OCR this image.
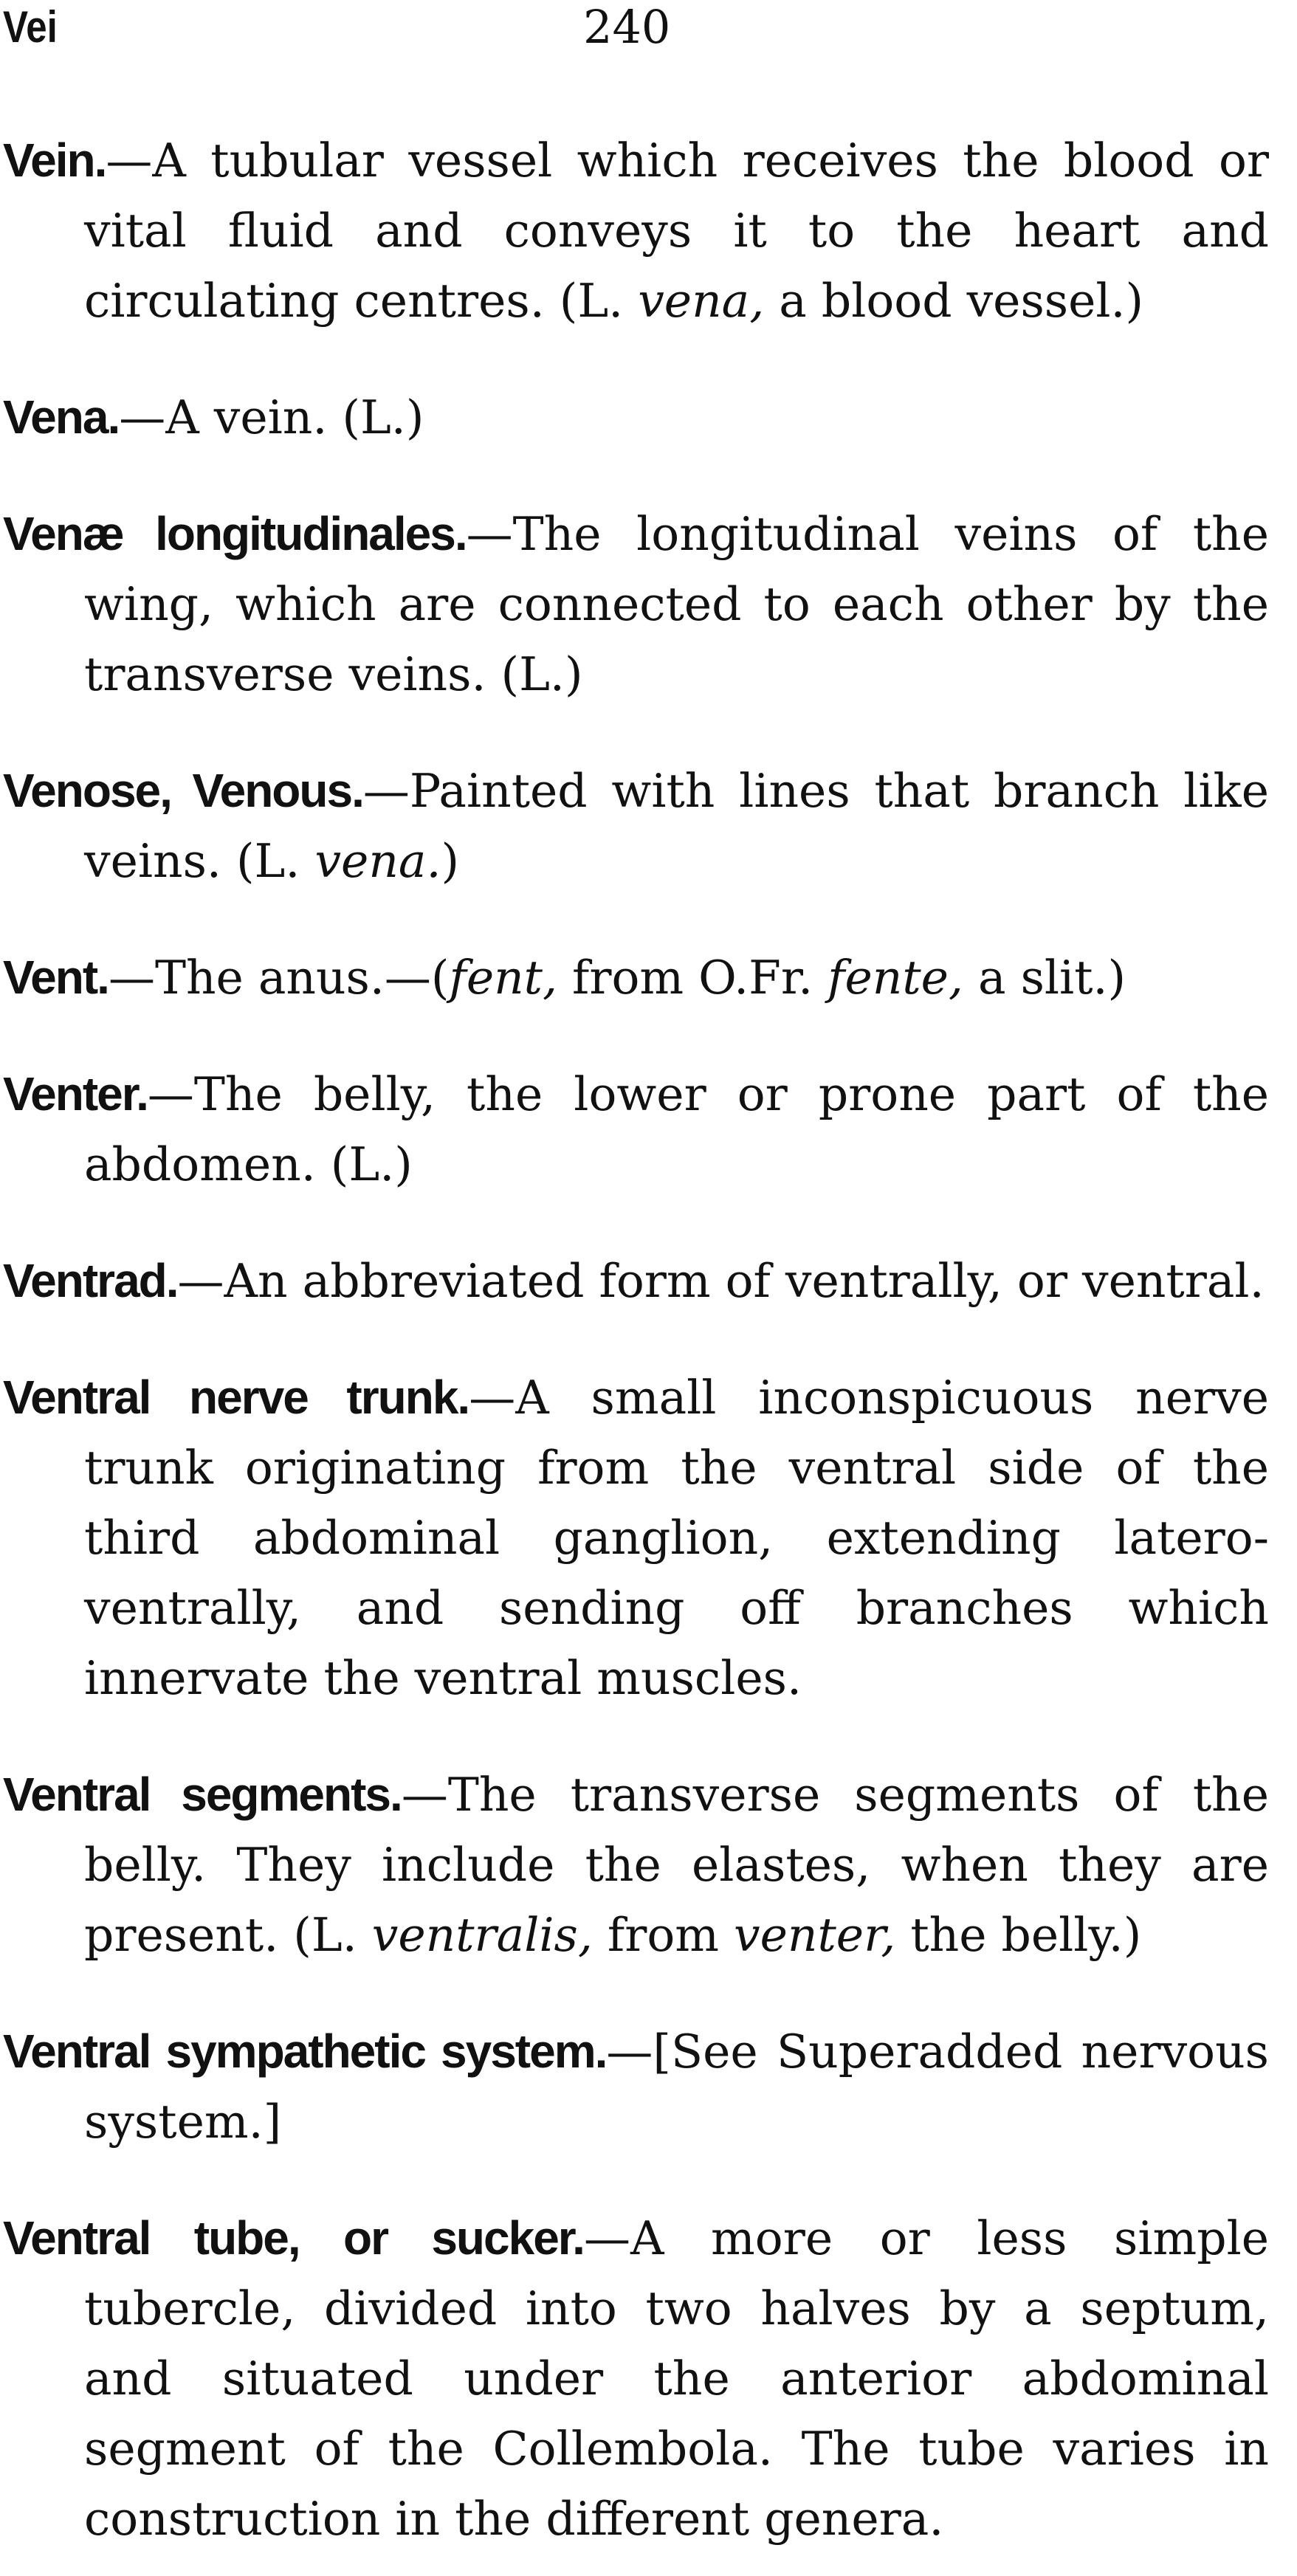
Vei	240

Vein.—A tubular vessel which receives the blood or vital fluid and conveys it to the heart and circulating centres. (L. vena, a blood vessel.)

Vena.—A vein. (L.)

Venæ longitudinales.—The longitudinal veins of the wing, which are connected to each other by the transverse veins. (L.)

Venose, Venous.—Painted with lines that branch like veins. (L. vena.)

Vent.—The anus.—(fent, from O.Fr. fente, a slit.)

Venter.—The belly, the lower or prone part of the abdomen. (L.)

Ventrad.—An abbreviated form of ventrally, or ventral.

Ventral nerve trunk.—A small inconspicuous nerve trunk originating from the ventral side of the third abdominal ganglion, extending latero-ventrally, and sending off branches which innervate the ventral muscles.

Ventral segments.—The transverse segments of the belly. They include the elastes, when they are present. (L. ventralis, from venter, the belly.)

Ventral sympathetic system.—[See Superadded nervous system.]

Ventral tube, or sucker.—A more or less simple tubercle, divided into two halves by a septum, and situated under the anterior abdominal segment of the Collembola. The tube varies in construction in the different genera.
